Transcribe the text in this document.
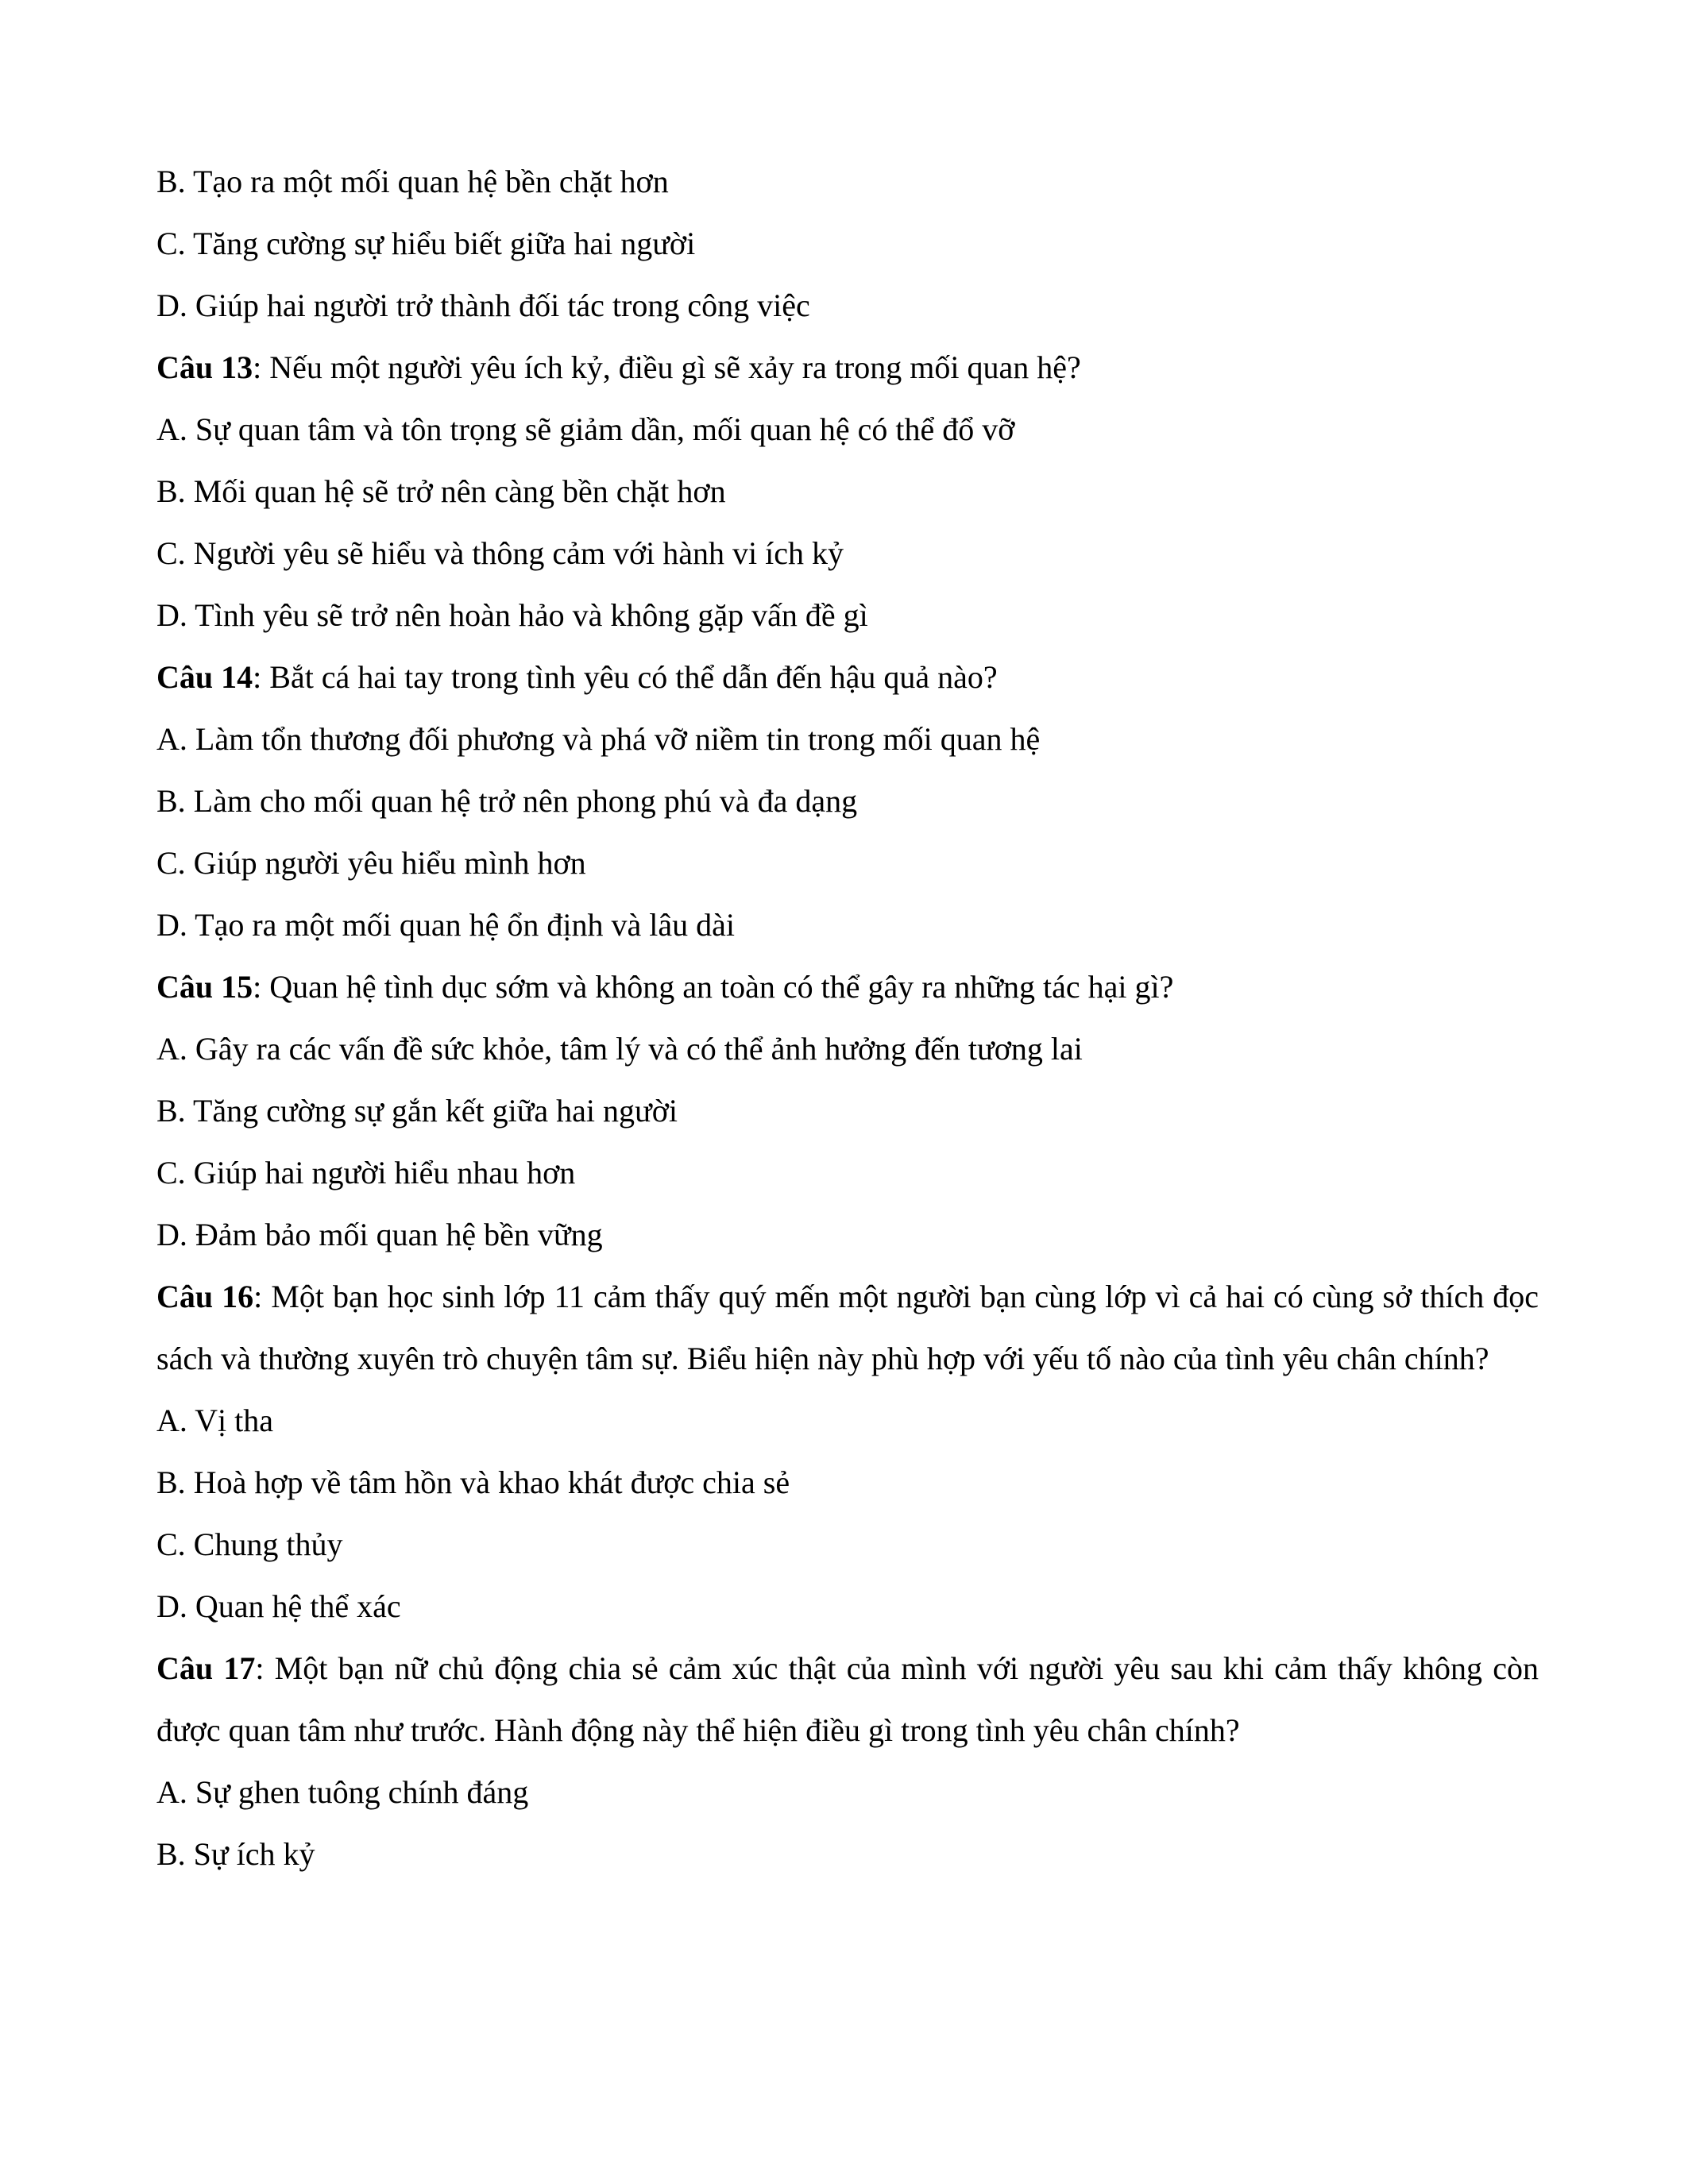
B. Tạo ra một mối quan hệ bền chặt hơn

C. Tăng cường sự hiểu biết giữa hai người

D. Giúp hai người trở thành đối tác trong công việc

Câu 13: Nếu một người yêu ích kỷ, điều gì sẽ xảy ra trong mối quan hệ?

A. Sự quan tâm và tôn trọng sẽ giảm dần, mối quan hệ có thể đổ vỡ

B. Mối quan hệ sẽ trở nên càng bền chặt hơn

C. Người yêu sẽ hiểu và thông cảm với hành vi ích kỷ

D. Tình yêu sẽ trở nên hoàn hảo và không gặp vấn đề gì

Câu 14: Bắt cá hai tay trong tình yêu có thể dẫn đến hậu quả nào?

A. Làm tổn thương đối phương và phá vỡ niềm tin trong mối quan hệ

B. Làm cho mối quan hệ trở nên phong phú và đa dạng

C. Giúp người yêu hiểu mình hơn

D. Tạo ra một mối quan hệ ổn định và lâu dài

Câu 15: Quan hệ tình dục sớm và không an toàn có thể gây ra những tác hại gì?

A. Gây ra các vấn đề sức khỏe, tâm lý và có thể ảnh hưởng đến tương lai

B. Tăng cường sự gắn kết giữa hai người

C. Giúp hai người hiểu nhau hơn

D. Đảm bảo mối quan hệ bền vững

Câu 16: Một bạn học sinh lớp 11 cảm thấy quý mến một người bạn cùng lớp vì cả hai có cùng sở thích đọc sách và thường xuyên trò chuyện tâm sự. Biểu hiện này phù hợp với yếu tố nào của tình yêu chân chính?

A. Vị tha

B. Hoà hợp về tâm hồn và khao khát được chia sẻ

C. Chung thủy

D. Quan hệ thể xác

Câu 17: Một bạn nữ chủ động chia sẻ cảm xúc thật của mình với người yêu sau khi cảm thấy không còn được quan tâm như trước. Hành động này thể hiện điều gì trong tình yêu chân chính?

A. Sự ghen tuông chính đáng

B. Sự ích kỷ
